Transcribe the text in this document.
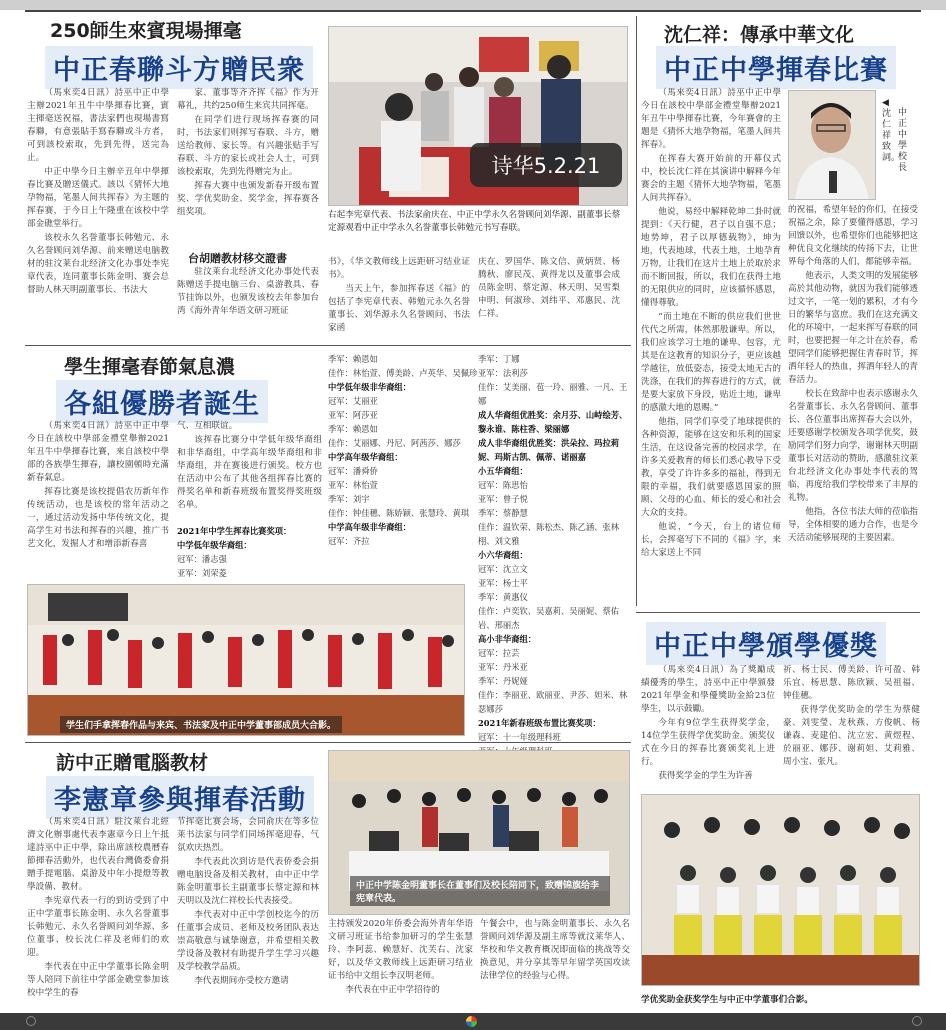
250師生來賓現場揮毫
中正春聯斗方贈民衆

（馬來奕4日訊）詩巫中正中學主辦2021年丑牛中學揮春比賽，賓主揮毫送祝福，書法家們也現場書寫春聯，有意張貼手寫春聯或斗方者，可到該校索取，先到先得，送完為止。

中正中學今日主辦辛丑年中學揮春比賽及贈送儀式。該以《猜怀大地孕物福，笔墨人间共挥春》为主题的挥春赛，于今日上午隆重在该校中学部金礁堂举行。

该校永久名誉董事长韩勉元、永久名誉顾问刘华源、前来赠送电脑教材的驻汶莱台北经济文化办事处李宪章代表，连同董事长陈金明、赛会总督助人林天明副董事长、书法大

家、董事等齐齐挥《福》作为开幕礼，共约250师生来宾共同挥毫。

在同学们进行现场挥春赛的同时，书法家们则挥写春联、斗方，赠送给教师、家长等。有兴趣张贴手写春联、斗方的家长或社会人士，可到该校索取，先到先得赠完为止。

挥春大赛中也颁发新春开级布置奖、学优奖助金、奖学金，挥春赛各组奖项。

台胡贈教材移交證書

驻汶莱台北经济文化办事处代表陈赠送手提电脑三台、桌游教具、春节挂饰以外，也颁发该校去年参加台湾《海外青年华语文研习班证

诗华5.2.21
右起李宪章代表、书法家俞庆在、中正中学永久名誉顾问刘华源、副董事长蔡定源观看中正中学永久名誉董事长韩勉元书写春联。

书》，《华文教师线上远距研习结业证书》。

当天上午，参加挥春送《福》的包括了李宪章代表、韩勉元永久名誉董事长、刘华源永久名誉顾问、书法家函

庆在、罗国华、陈文信、黄炳贤、杨腾秋、廖民茂、黄得龙以及董事会成员陈金明、蔡定源、林天明、吴雪梨申明、何淑珍、刘纬平、邓惠民、沈仁祥。

沈仁祥：傳承中華文化
中正中學揮春比賽

（馬來奕4日訊）詩巫中正中學今日在該校中學部金禮堂舉辦2021年丑牛中學揮春比賽，今年賽會的主題是《猜怀大地孕物福，笔墨人间共挥春》。

在挥春大赛开始前的开幕仪式中，校长沈仁祥在其演讲中解释今年赛会的主题《猜怀大地孕物福，笔墨人间共挥春》。

他说，易经中解释乾坤二卦时就提到：《天行健，君子以自强不息；地势坤，君子以厚德载物》，坤为地，代表地球，代表土地，土地孕育万物，让我们在这片土地上於取於求而不断回报，所以，我们在获得土地的无限供应的同时，应该循怀感恩，懂得尊敬。

“而土地在不断的供应我们世世代代之所需，体然那般谦卑。所以，我们应该学习土地的谦卑、包容，尤其是在这教育的知识分子，更应该越学越往，放低姿态，接受太地无古的洗涤，在我们的挥春进行的方式，就是要大家放下身段，贴近土地，谦卑的感激大地的恩赐。”

他指，同学们享受了地球提供的各种资源，能够在这安和乐利的国家生活，在这设备完善的校园求学，在许多关爱教育的师长们悉心教导下受教，享受了许许多多的福祉，得到无限的幸福，我们就要感恩国家的照顾、父母的心血、师长的爱心和社会大众的支持。

他说，“今天，台上的诸位师长，会挥毫写下不同的《福》字，来给大家送上不同

◀沈仁祥致詞。
中正中學校長

的祝福，希望年轻的你们，在接受祝福之余，除了要懂得感恩，学习回馈以外，也希望你们也能够把这种优良文化继续的传扬下去，让世界每个角落的人们，都能够幸福。

他表示，人类文明的发展能够高於其他动物，就因为我们能够透过文字，一笔一划的累积，才有今日的繁华与富庶。我们在这充满文化的环境中，一起来挥写春联的同时，也要把握一年之计在於春，希望同学们能够把握住青春时节，挥洒年轻人的热血，挥洒年轻人的青春活力。

校长在致辞中也表示感谢永久名誉董事长、永久名誉顾问、董事长、各位董事出席挥春大会以外，还要感谢学校颁发各项学优奖，鼓励同学们努力向学，谢谢林天明副董事长对活动的赞助，感激驻汶莱台北经济文化办事处李代表的驾临，再度给我们学校带来了丰厚的礼物。

他指，各位书法大师的莅临指导，全体相要的通力合作，也是今天活动能够展现的主要因素。

學生揮毫春節氣息濃
各組優勝者誕生

（馬來奕4日訊）詩巫中正中學今日在該校中學部金禮堂舉辦2021年丑牛中學揮春比賽，來自該校中學部的各族學生揮春，讓校園頓時充滿新春氣息。

挥春比赛是该校提倡农历新年作传统活动，也是该校的常年活动之一，通过活动发扬中华传统文化，提高学生对书法和挥春的兴趣，推广书艺文化，发掘人才和增添新春喜

气、互相联谊。

该挥春比赛分中学低年级华裔组和非华裔组，中学高年级华裔组和非华裔组，并在赛後进行颁奖。校方也在活动中公布了其他各组挥春比赛的得奖名单和新春班级布置奖得奖班级名单。

2021年中学生挥春比赛奖项：
中学低年级华裔组：
冠军：潘志强
亚军：刘荣菱
季军：赖恩如
佳作：林怡萱、傅美龄、卢英华、吴佩珍
中学低年级非华裔组：
冠军：艾丽亚
亚军：阿莎亚
季军：赖恩如
佳作：艾丽娜、丹尼、阿茜莎、娜莎
中学高年级华裔组：
冠军：潘舜侨
亚军：林怡萱
季军：刘宇
佳作：钟佳穗、陈娇颖、张慧玲、黄琪
中学高年级非华裔组：
冠军：齐拉
季军：丁娜
亚军：法利莎
佳作：艾美丽、苞一玲、丽雅、一凡、王娜
成人华裔组优胜奖：余月芬、山峙绘芳、黎永谁、陈柱香、梁丽娜
成人非华裔组优胜奖：洪朵拉、玛拉莉妮、玛斯古凯、佩蒂、诺丽嘉
小五华裔组：
冠军：陈思怡
亚军：曾子悦
季军：蔡静慧
佳作：温钦荣、陈松杰、陈乙涵、张林栩、刘文雅
小六华裔组：
冠军：沈立文
亚军：杨士平
季军：黄惠仪
佳作：卢奕钦、吴嘉莉、吴丽妮、蔡佑岩、邢丽杰
高小非华裔组：
冠军：拉芸
亚军：丹米亚
季军：丹妮娅
佳作：李丽亚、欧丽亚、尹莎、妲米、林瑟娜莎
2021年新春班级布置比赛奖项：
冠军：十一年级理科班
学生们手拿挥春作品与来宾、书法家及中正中学董事部成员大合影。
訪中正贈電腦教材
李憲章參與揮春活動

（馬來奕4日訊）駐汶萊台北經濟文化辦事處代表李憲章今日上午抵達詩巫中正中學，除出席該校農曆春節揮春活動外，也代表台灣僑委會捐贈手提電腦、桌游及中年小提燈等教學設備、教材。

李宪章代表一行的到访受到了中正中学董事长陈金明、永久名誉董事长韩勉元、永久名誉顾问刘华源、多位董事、校长沈仁祥及老师们的欢迎。

李代表在中正中学董事长陈金明等人陪同下前往中学部金礁堂参加该校中学生的春

节挥毫比赛会场，会同俞庆在等多位莱书法家与同学们同场挥毫迎春，气氛欢庆热烈。

李代表此次到访是代表侨委会捐赠电脑设备及相关教材，由中正中学陈金明董事长主副董事长蔡定源和林天明以及沈仁祥校长代表接受。

李代表对中正中学创校迄今的历任董事会成员、老师及校务团队表达崇高敬意与诚挚谢意，并希望相关教学设备及教材有助提升学生学习兴趣及学校教学品质。

李代表期间亦受校方邀请

中正中学陈金明董事长在董事们及校长陪同下，致赠锦旗给李宪章代表。

主持颁发2020年侨委会海外青年华语文研习班证书给参加研习的学生张慧玲、李阿蕊、赖慧好、沈芙右、沈家好，以及华文教师线上远距研习结业证书给中文组长李汉明老师。

李代表在中正中学招待的

午餐会中，也与陈金明董事长、永久名誉顾问刘华源及副主席等就汶莱华人、华校和华文教育概况即面临的挑战等交换意见，并分享其等早年留学英国攻读法律学位的经验与心得。

中正中學頒學優獎

（馬來奕4日訊）為了獎勵成績優秀的學生，詩巫中正中學頒發2021年學金和學優獎助金給23位學生，以示鼓勵。

今年有9位学生获得奖学金，14位学生获得学优奖助金。颁奖仪式在今日的挥春比赛颁奖礼上进行。

获得奖学金的学生为许善

祈、杨士民、傅美龄、许可盈、韩乐宜、杨思慧、陈欣颖、吴祖福、钟佳穗。

获得学优奖助金的学生为蔡健豪、刘雯瑩、龙秋燕、方俊帆、杨谦森、麦建伯、沈立宏、黄煜程、於丽亚、娜莎、谢莉妲、艾莉雅、周小宝、张凡。

学优奖助金获奖学生与中正中学董事们合影。
